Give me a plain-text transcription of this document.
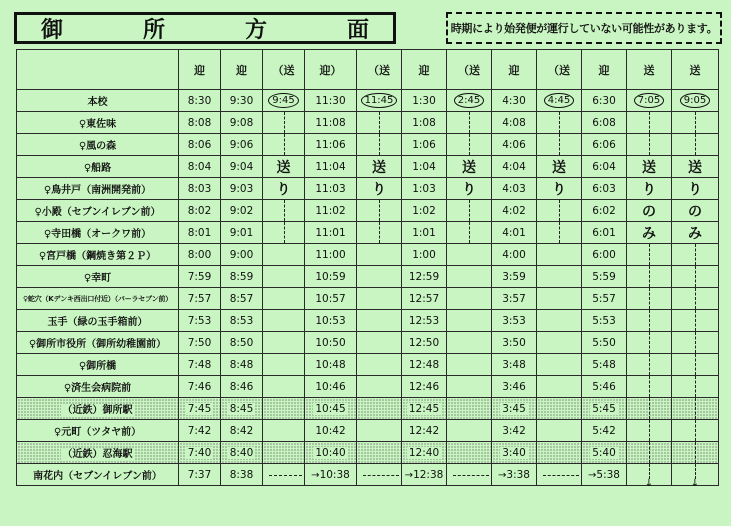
御	所	方	面	時期により始発便が運行していない可能性があります。
	迎	迎	（送	迎）	（送	迎	（送	迎	（送	迎	送	送
本校	8:30	9:30	9:45	11:30	11:45	1:30	2:45	4:30	4:45	6:30	7:05	9:05
♀東佐味	8:08	9:08		11:08		1:08		4:08		6:08	

♀風の森	8:06	9:06		11:06		1:06		4:06		6:06	

♀船路	8:04	9:04	送	11:04	送	1:04	送	4:04	送	6:04	送	送
♀鳥井戸（南洲開発前）	8:03	9:03	り	11:03	り	1:03	り	4:03	り	6:03	り	り
♀小殿（セブンイレブン前）	8:02	9:02		11:02		1:02		4:02		6:02	の	の
♀寺田橋（オークワ前）	8:01	9:01		11:01		1:01		4:01		6:01	み	み
♀宮戸橋（鋼焼き第２Ｐ）	8:00	9:00		11:00		1:00		4:00		6:00	

♀幸町	7:59	8:59		10:59		12:59		3:59		5:59	

♀蛇穴（Kデンキ西出口付近）（パーラセブン前）	7:57	8:57		10:57		12:57		3:57		5:57	

玉手（緑の玉手箱前）	7:53	8:53		10:53		12:53		3:53		5:53	

♀御所市役所（御所幼稚園前）	7:50	8:50		10:50		12:50		3:50		5:50	

♀御所橋	7:48	8:48		10:48		12:48		3:48		5:48	

♀済生会病院前	7:46	8:46		10:46		12:46		3:46		5:46	

（近鉄）御所駅	7:45	8:45		10:45		12:45		3:45		5:45	

♀元町（ツタヤ前）	7:42	8:42		10:42		12:42		3:42		5:42	

（近鉄）忍海駅	7:40	8:40		10:40		12:40		3:40		5:40	

南花内（セブンイレブン前）	7:37	8:38		→10:38		→12:38		→3:38		→5:38	↓	↓
